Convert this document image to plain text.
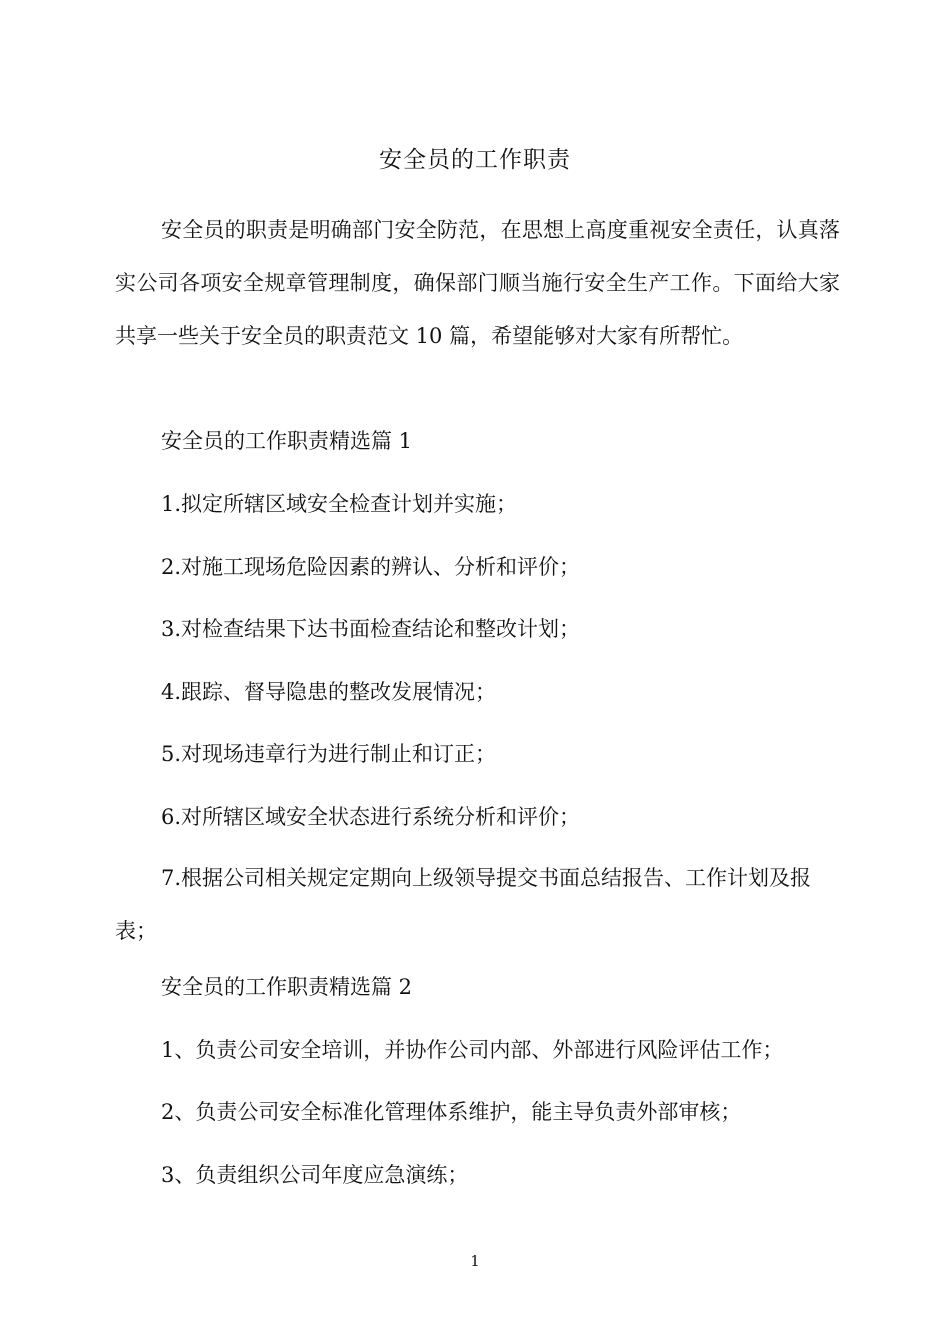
安全员的工作职责
安全员的职责是明确部门安全防范，在思想上高度重视安全责任，认真落实公司各项安全规章管理制度，确保部门顺当施行安全生产工作。下面给大家共享一些关于安全员的职责范文 10 篇，希望能够对大家有所帮忙。
安全员的工作职责精选篇 1
1.拟定所辖区域安全检查计划并实施；
2.对施工现场危险因素的辨认、分析和评价；
3.对检查结果下达书面检查结论和整改计划；
4.跟踪、督导隐患的整改发展情况；
5.对现场违章行为进行制止和订正；
6.对所辖区域安全状态进行系统分析和评价；
7.根据公司相关规定定期向上级领导提交书面总结报告、工作计划及报表；
安全员的工作职责精选篇 2
1、负责公司安全培训，并协作公司内部、外部进行风险评估工作；
2、负责公司安全标准化管理体系维护，能主导负责外部审核；
3、负责组织公司年度应急演练；
1
